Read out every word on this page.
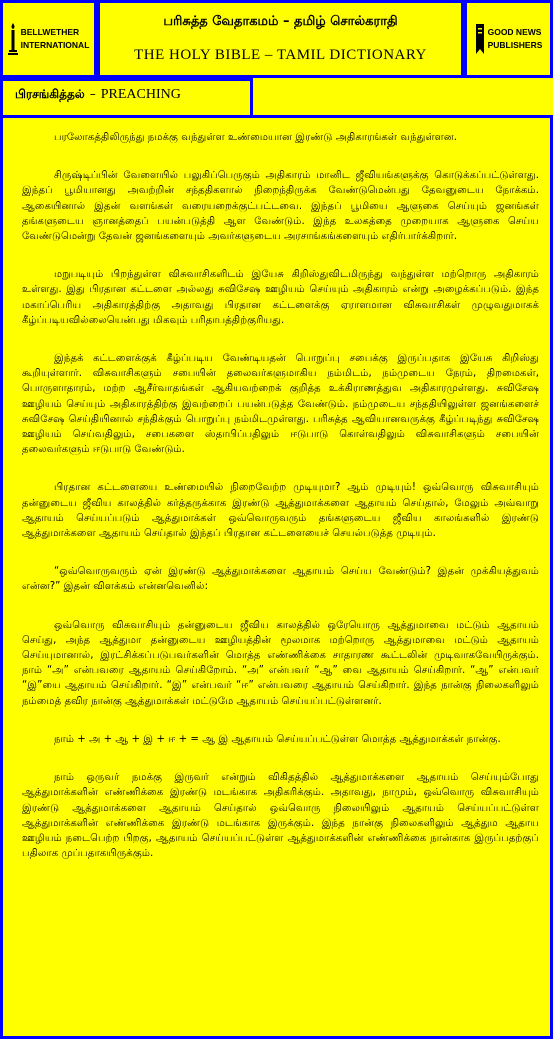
BELLWETHER
INTERNATIONAL
பரிசுத்த வேதாகமம் – தமிழ் சொல்கராதி
THE HOLY BIBLE – TAMIL DICTIONARY
GOOD NEWS
PUBLISHERS
பிரசங்கித்தல் – PREACHING

பரலோகத்திலிருந்து நமக்கு வந்துள்ள உண்மையான இரண்டு அதிகாரங்கள் வந்துள்ளன.

சிருஷ்டிப்பின் வேளையில் பலுகிப்பெருகும் அதிகாரம் மானிட ஜீவியங்களுக்கு கொடுக்கப்பட்டுள்ளது. இந்தப் பூமியானது அவற்றின் சந்ததிகளால் நிறைந்திருக்க வேண்டுமென்பது தேவனுடைய நோக்கம். ஆகையினால் இதன் வளங்கள் வரையறைக்குட்பட்டவை. இந்தப் பூமியை ஆளுகை செய்யும் ஜனங்கள் தங்களுடைய ஞானத்தைப் பயன்படுத்தி ஆள வேண்டும். இந்த உலகத்தை முறையாக ஆளுகை செய்ய வேண்டுமென்று தேவன் ஜனங்களையும் அவர்களுடைய அரசாங்கங்களையும் எதிர்பார்க்கிறார்.

மறுபடியும் பிறந்துள்ள விசுவாசிகளிடம் இயேசு கிறிஸ்துவிடமிருந்து வந்துள்ள மற்றொரு அதிகாரம் உள்ளது. இது பிரதான கட்டளை அல்லது சுவிசேஷ ஊழியம் செய்யும் அதிகாரம் என்று அழைக்கப்படும். இந்த மகாப்பெரிய அதிகாரத்திற்கு அதாவது பிரதான கட்டளைக்கு ஏராளமான விசுவாசிகள் முழுவதுமாகக் கீழ்ப்படியவில்லையென்பது மிகவும் பரிதாபத்திற்குரியது.

இந்தக் கட்டளைக்குக் கீழ்ப்படிய வேண்டியதன் பொறுப்பு சபைக்கு இருப்பதாக இயேசு கிறிஸ்து கூறியுள்ளார். விசுவாசிகளும் சபையின் தலைவர்களுமாகிய நம்மிடம், நம்முடைய நேரம், திறமைகள், பொருளாதாரம், மற்ற ஆசீர்வாதங்கள் ஆகியவற்றைக் குறித்த உக்கிராணத்துவ அதிகாரமுள்ளது. சுவிசேஷ ஊழியம் செய்யும் அதிகாரத்திற்கு இவற்றைப் பயன்படுத்த வேண்டும். நம்முடைய சந்ததியிலுள்ள ஜனங்களைச் சுவிசேஷ செய்தியினால் சந்திக்கும் பொறுப்பு நம்மிடமுள்ளது. பரிசுத்த ஆவியானவருக்கு கீழ்ப்படிந்து சுவிசேஷ ஊழியம் செய்வதிலும், சபைகளை ஸ்தாபிப்பதிலும் ஈடுபாடு கொள்வதிலும் விசுவாசிகளும் சபையின் தலைவர்களும் ஈடுபாடு வேண்டும்.

பிரதான கட்டளையை உண்மையில் நிறைவேற்ற முடியுமா? ஆம் முடியும்! ஒவ்வொரு விசுவாசியும் தன்னுடைய ஜீவிய காலத்தில் கர்த்தருக்காக இரண்டு ஆத்துமாக்களை ஆதாயம் செய்தால், மேலும் அவ்வாறு ஆதாயம் செய்யப்படும் ஆத்துமாக்கள் ஒவ்வொருவரும் தங்களுடைய ஜீவிய காலங்களில் இரண்டு ஆத்துமாக்களை ஆதாயம் செய்தால் இந்தப் பிரதான கட்டளையைச் செயல்படுத்த முடியும்.

“ஒவ்வொருவரும் ஏன் இரண்டு ஆத்துமாக்களை ஆதாயம் செய்ய வேண்டும்? இதன் முக்கியத்துவம் என்ன?” இதன் விளக்கம் என்னவெனில்:

ஒவ்வொரு விசுவாசியும் தன்னுடைய ஜீவிய காலத்தில் ஒரேயொரு ஆத்துமாவை மட்டும் ஆதாயம் செய்து, அந்த ஆத்துமா தன்னுடைய ஊழியத்தின் மூலமாக மற்றொரு ஆத்துமாவை மட்டும் ஆதாயம் செய்யுமானால், இரட்சிக்கப்படுபவர்களின் மொத்த எண்ணிக்கை சாதாரண கூட்டலின் முடிவாகவேயிருக்கும். நாம் “அ” என்பவரை ஆதாயம் செய்கிறோம். “அ” என்பவர் “ஆ” வை ஆதாயம் செய்கிறார். “ஆ” என்பவர் “இ”யை ஆதாயம் செய்கிறார். “இ” என்பவர் “ஈ” என்பவரை ஆதாயம் செய்கிறார். இந்த நான்கு நிலைகளிலும் நம்மைத் தவிர நான்கு ஆத்துமாக்கள் மட்டுமே ஆதாயம் செய்யப்பட்டுள்ளனர்.

நாம் + அ + ஆ + இ + ஈ + = ஆ இ ஆதாயம் செய்யப்பட்டுள்ள மொத்த ஆத்துமாக்கள் நான்கு.

நாம் ஒருவர் நமக்கு இருவர் என்றும் விகிதத்தில் ஆத்துமாக்களை ஆதாயம் செய்யும்போது ஆத்துமாக்களின் எண்ணிக்கை இரண்டு மடங்காக அதிகரிக்கும். அதாவது, நாமும், ஒவ்வொரு விசுவாசியும் இரண்டு ஆத்துமாக்களை ஆதாயம் செய்தால் ஒவ்வொரு நிலையிலும் ஆதாயம் செய்யப்பட்டுள்ள ஆத்துமாக்களின் எண்ணிக்கை இரண்டு மடங்காக இருக்கும். இந்த நான்கு நிலைகளிலும் ஆத்தும ஆதாய ஊழியம் நடைபெற்ற பிறகு, ஆதாயம் செய்யப்பட்டுள்ள ஆத்துமாக்களின் எண்ணிக்கை நான்காக இருப்பதற்குப் பதிலாக முப்பதாகயிருக்கும்.
